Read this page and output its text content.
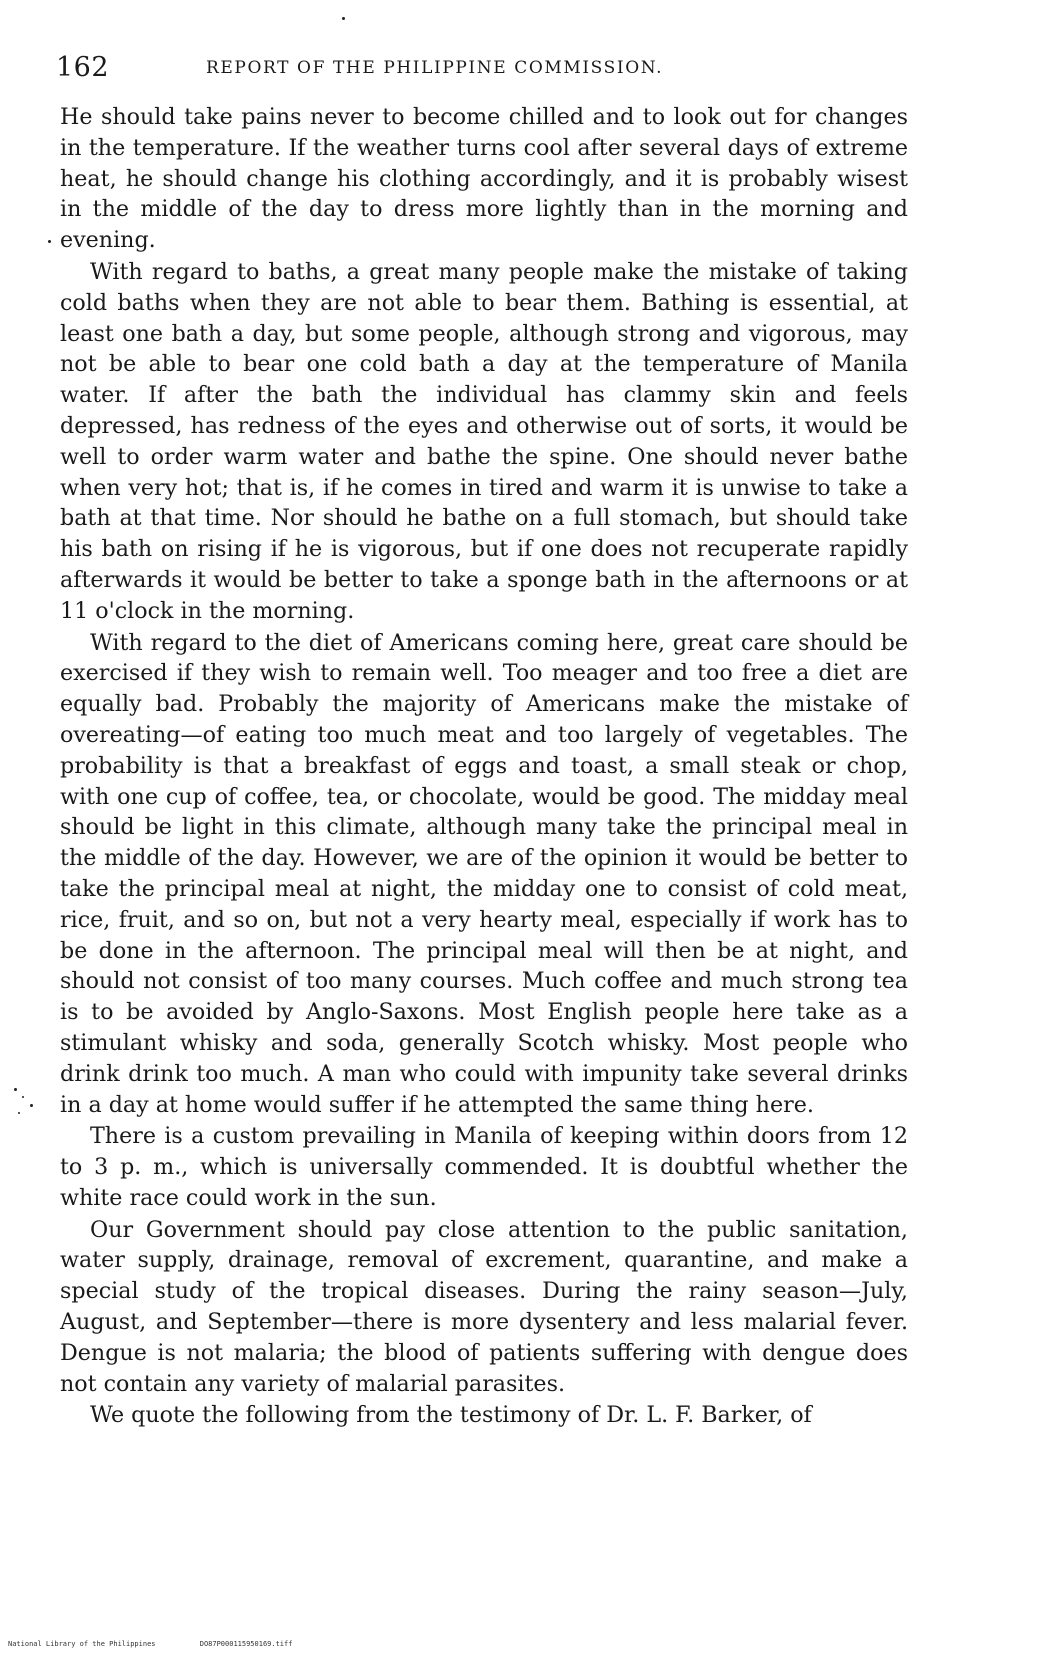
162	REPORT OF THE PHILIPPINE COMMISSION.

He should take pains never to become chilled and to look out for changes in the temperature. If the weather turns cool after several days of extreme heat, he should change his clothing accordingly, and it is probably wisest in the middle of the day to dress more lightly than in the morning and evening.

With regard to baths, a great many people make the mistake of taking cold baths when they are not able to bear them. Bathing is essential, at least one bath a day, but some people, although strong and vigorous, may not be able to bear one cold bath a day at the temperature of Manila water. If after the bath the individual has clammy skin and feels depressed, has redness of the eyes and otherwise out of sorts, it would be well to order warm water and bathe the spine. One should never bathe when very hot; that is, if he comes in tired and warm it is unwise to take a bath at that time. Nor should he bathe on a full stomach, but should take his bath on rising if he is vigorous, but if one does not recuperate rapidly afterwards it would be better to take a sponge bath in the afternoons or at 11 o'clock in the morning.

With regard to the diet of Americans coming here, great care should be exercised if they wish to remain well. Too meager and too free a diet are equally bad. Probably the majority of Americans make the mistake of overeating—of eating too much meat and too largely of vegetables. The probability is that a breakfast of eggs and toast, a small steak or chop, with one cup of coffee, tea, or chocolate, would be good. The midday meal should be light in this climate, although many take the principal meal in the middle of the day. However, we are of the opinion it would be better to take the principal meal at night, the midday one to consist of cold meat, rice, fruit, and so on, but not a very hearty meal, especially if work has to be done in the afternoon. The principal meal will then be at night, and should not consist of too many courses. Much coffee and much strong tea is to be avoided by Anglo-Saxons. Most English people here take as a stimulant whisky and soda, generally Scotch whisky. Most people who drink drink too much. A man who could with impunity take several drinks in a day at home would suffer if he attempted the same thing here.

There is a custom prevailing in Manila of keeping within doors from 12 to 3 p. m., which is universally commended. It is doubtful whether the white race could work in the sun.

Our Government should pay close attention to the public sanitation, water supply, drainage, removal of excrement, quarantine, and make a special study of the tropical diseases. During the rainy season—July, August, and September—there is more dysentery and less malarial fever. Dengue is not malaria; the blood of patients suffering with dengue does not contain any variety of malarial parasites.

We quote the following from the testimony of Dr. L. F. Barker, of

National Library of the Philippines	DO87P000115950169.tiff
